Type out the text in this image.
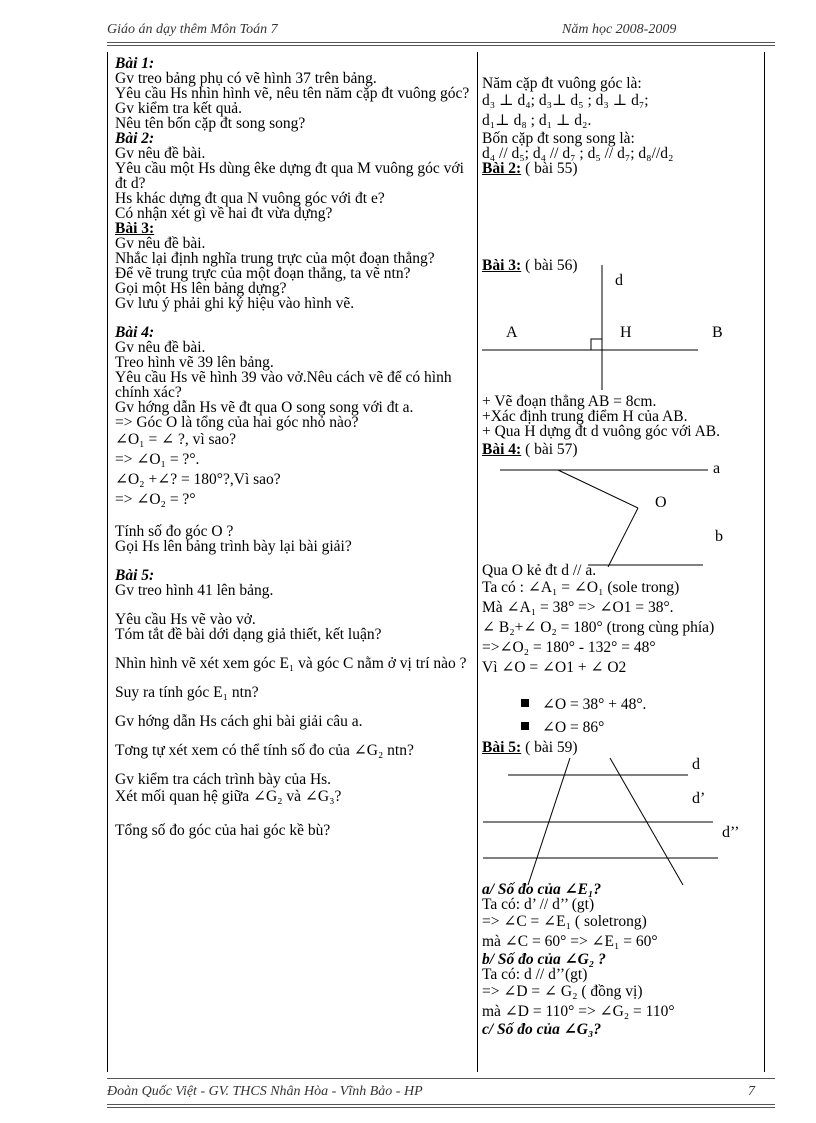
Giáo án dạy thêm Môn Toán 7	Năm học 2008-2009

Bài 1:

Gv treo bảng phụ có vẽ hình 37 trên bảng.

Yêu cầu Hs nhìn hình vẽ, nêu tên năm cặp đt vuông góc?

Gv kiểm tra kết quả.

Nêu tên bốn cặp đt song song?

Bài 2:

Gv nêu đề bài.

Yêu cầu một Hs dùng êke dựng đt qua M vuông góc với đt d?

Hs khác dựng đt qua N vuông góc với đt e?

Có nhận xét gì về hai đt vừa dựng?

Bài 3:

Gv nêu đề bài.

Nhắc lại định nghĩa trung trực của một đoạn thẳng?

Để vẽ trung trực của một đoạn thẳng, ta vẽ ntn?

Gọi một Hs lên bảng dựng?

Gv lưu ý phải ghi ký hiệu vào hình vẽ.

Bài 4:

Gv nêu đề bài.

Treo hình vẽ 39 lên bảng.

Yêu cầu Hs vẽ hình 39 vào vở.Nêu cách vẽ để có hình chính xác?

Gv hớng dẫn Hs vẽ đt qua O song song với đt a.

=> Góc O là tổng của hai góc nhỏ nào?

∠O₁ = ∠ ?, vì sao?

=> ∠O₁ = ?°.

∠O₂ +∠? = 180°?,Vì sao?

=> ∠O₂ = ?°

Tính số đo góc O ?

Gọi Hs lên bảng trình bày lại bài giải?

Bài 5:

Gv treo hình 41 lên bảng.

Yêu cầu Hs vẽ vào vở.

Tóm tắt đề bài dới dạng giả thiết, kết luận?

Nhìn hình vẽ xét xem góc E₁ và góc C nằm ở vị trí nào ?

Suy ra tính góc E₁ ntn?

Gv hớng dẫn Hs cách ghi bài giải câu a.

Tơng tự xét xem có thể tính số đo của ∠G₂ ntn?

Gv kiểm tra cách trình bày của Hs.

Xét mối quan hệ giữa ∠G₂ và ∠G₃?

Tổng số đo góc của hai góc kề bù?

Năm cặp đt vuông góc là:

d₃ ⊥ d₄; d₃⊥ d₅ ; d₃ ⊥ d₇;

d₁⊥ d₈ ; d₁ ⊥ d₂.

Bốn cặp đt song song là:

d₄ // d₅; d₄ // d₇ ; d₅ // d₇; d₈//d₂

Bài 2: ( bài 55)

Bài 3: ( bài 56)
d
A	H	B

+ Vẽ đoạn thẳng AB = 8cm.

+Xác định trung điểm H của AB.

+ Qua H dựng đt d vuông góc với AB.

Bài 4: ( bài 57)
a
O
b

Qua O kẻ đt d // a.

Ta có : ∠A₁ = ∠O₁ (sole trong)

Mà ∠A₁ = 38° => ∠O1 = 38°.

∠ B₂+∠ O₂ = 180° (trong cùng phía)

=>∠O₂ = 180° - 132° = 48°

Vì ∠O = ∠O1 + ∠ O2

∠O = 38° + 48°.
∠O = 86°
Bài 5: ( bài 59)
d
d’
d’’

a/ Số đo của ∠E₁?

Ta có: d’ // d’’ (gt)

=> ∠C = ∠E₁ ( soletrong)

mà ∠C = 60° => ∠E₁ = 60°

b/ Số đo của ∠G₂ ?

Ta có: d // d’’(gt)

=> ∠D = ∠ G₂ ( đồng vị)

mà ∠D = 110° => ∠G₂ = 110°

c/ Số đo của ∠G₃?

Đoàn Quốc Việt - GV. THCS Nhân Hòa - Vĩnh Bảo - HP	7
